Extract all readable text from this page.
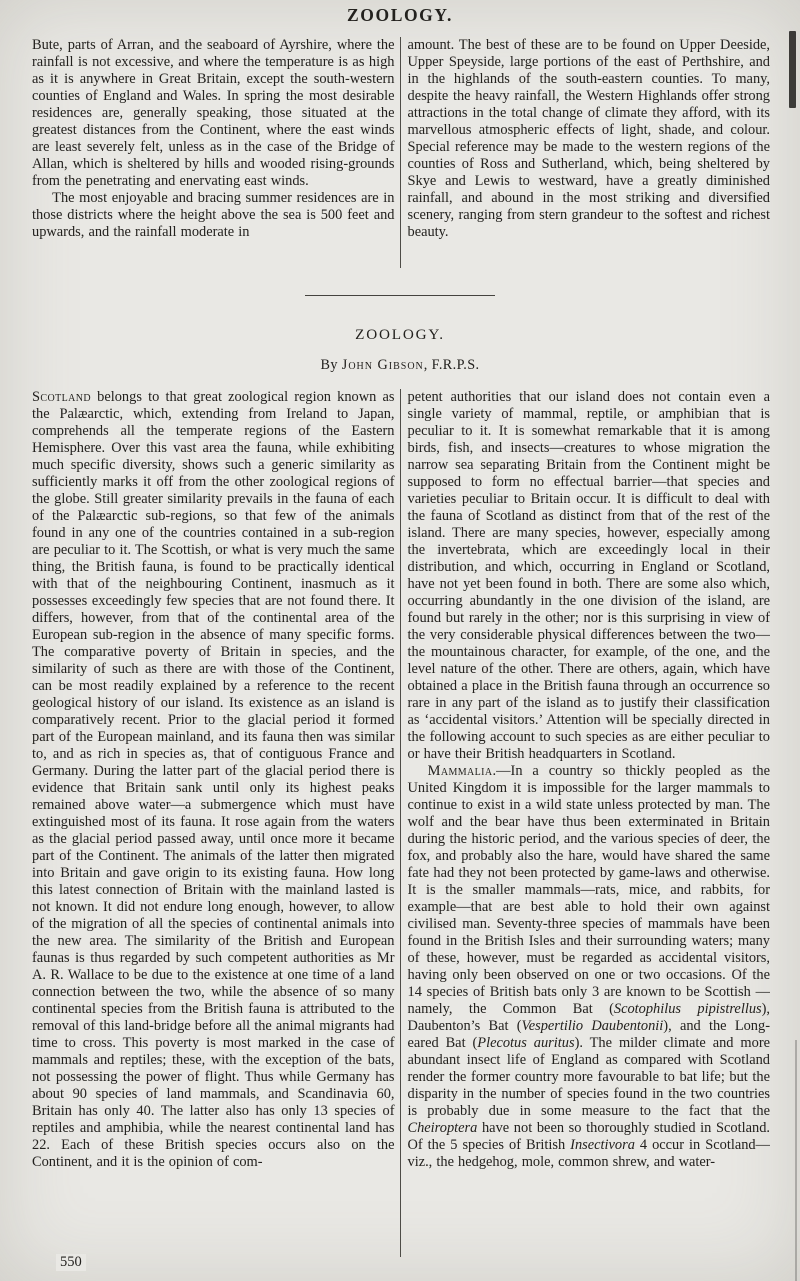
ZOOLOGY.

Bute, parts of Arran, and the seaboard of Ayrshire, where the rainfall is not excessive, and where the temperature is as high as it is anywhere in Great Britain, except the south-western counties of England and Wales. In spring the most desirable residences are, generally speaking, those situated at the greatest distances from the Continent, where the east winds are least severely felt, unless as in the case of the Bridge of Allan, which is sheltered by hills and wooded rising-grounds from the penetrating and enervating east winds.

The most enjoyable and bracing summer residences are in those districts where the height above the sea is 500 feet and upwards, and the rainfall moderate in

amount. The best of these are to be found on Upper Deeside, Upper Speyside, large portions of the east of Perthshire, and in the highlands of the south-eastern counties. To many, despite the heavy rainfall, the Western Highlands offer strong attractions in the total change of climate they afford, with its marvellous atmospheric effects of light, shade, and colour. Special reference may be made to the western regions of the counties of Ross and Sutherland, which, being sheltered by Skye and Lewis to westward, have a greatly diminished rainfall, and abound in the most striking and diversified scenery, ranging from stern grandeur to the softest and richest beauty.

ZOOLOGY.
By John Gibson, F.R.P.S.

Scotland belongs to that great zoological region known as the Palæarctic, which, extending from Ireland to Japan, comprehends all the temperate regions of the Eastern Hemisphere. Over this vast area the fauna, while exhibiting much specific diversity, shows such a generic similarity as sufficiently marks it off from the other zoological regions of the globe. Still greater similarity prevails in the fauna of each of the Palæarctic sub-regions, so that few of the animals found in any one of the countries contained in a sub-region are peculiar to it. The Scottish, or what is very much the same thing, the British fauna, is found to be practically identical with that of the neighbouring Continent, inasmuch as it possesses exceedingly few species that are not found there. It differs, however, from that of the continental area of the European sub-region in the absence of many specific forms. The comparative poverty of Britain in species, and the similarity of such as there are with those of the Continent, can be most readily explained by a reference to the recent geological history of our island. Its existence as an island is comparatively recent. Prior to the glacial period it formed part of the European mainland, and its fauna then was similar to, and as rich in species as, that of contiguous France and Germany. During the latter part of the glacial period there is evidence that Britain sank until only its highest peaks remained above water—a submergence which must have extinguished most of its fauna. It rose again from the waters as the glacial period passed away, until once more it became part of the Continent. The animals of the latter then migrated into Britain and gave origin to its existing fauna. How long this latest connection of Britain with the mainland lasted is not known. It did not endure long enough, however, to allow of the migration of all the species of continental animals into the new area. The similarity of the British and European faunas is thus regarded by such competent authorities as Mr A. R. Wallace to be due to the existence at one time of a land connection between the two, while the absence of so many continental species from the British fauna is attributed to the removal of this land-bridge before all the animal migrants had time to cross. This poverty is most marked in the case of mammals and reptiles; these, with the exception of the bats, not possessing the power of flight. Thus while Germany has about 90 species of land mammals, and Scandinavia 60, Britain has only 40. The latter also has only 13 species of reptiles and amphibia, while the nearest continental land has 22. Each of these British species occurs also on the Continent, and it is the opinion of com-

petent authorities that our island does not contain even a single variety of mammal, reptile, or amphibian that is peculiar to it. It is somewhat remarkable that it is among birds, fish, and insects—creatures to whose migration the narrow sea separating Britain from the Continent might be supposed to form no effectual barrier—that species and varieties peculiar to Britain occur. It is difficult to deal with the fauna of Scotland as distinct from that of the rest of the island. There are many species, however, especially among the invertebrata, which are exceedingly local in their distribution, and which, occurring in England or Scotland, have not yet been found in both. There are some also which, occurring abundantly in the one division of the island, are found but rarely in the other; nor is this surprising in view of the very considerable physical differences between the two—the mountainous character, for example, of the one, and the level nature of the other. There are others, again, which have obtained a place in the British fauna through an occurrence so rare in any part of the island as to justify their classification as ‘accidental visitors.’ Attention will be specially directed in the following account to such species as are either peculiar to or have their British headquarters in Scotland.

Mammalia.—In a country so thickly peopled as the United Kingdom it is impossible for the larger mammals to continue to exist in a wild state unless protected by man. The wolf and the bear have thus been exterminated in Britain during the historic period, and the various species of deer, the fox, and probably also the hare, would have shared the same fate had they not been protected by game-laws and otherwise. It is the smaller mammals—rats, mice, and rabbits, for example—that are best able to hold their own against civilised man. Seventy-three species of mammals have been found in the British Isles and their surrounding waters; many of these, however, must be regarded as accidental visitors, having only been observed on one or two occasions. Of the 14 species of British bats only 3 are known to be Scottish — namely, the Common Bat (Scotophilus pipistrellus), Daubenton’s Bat (Vespertilio Daubentonii), and the Long-eared Bat (Plecotus auritus). The milder climate and more abundant insect life of England as compared with Scotland render the former country more favourable to bat life; but the disparity in the number of species found in the two countries is probably due in some measure to the fact that the Cheiroptera have not been so thoroughly studied in Scotland. Of the 5 species of British Insectivora 4 occur in Scotland—viz., the hedgehog, mole, common shrew, and water-

550
